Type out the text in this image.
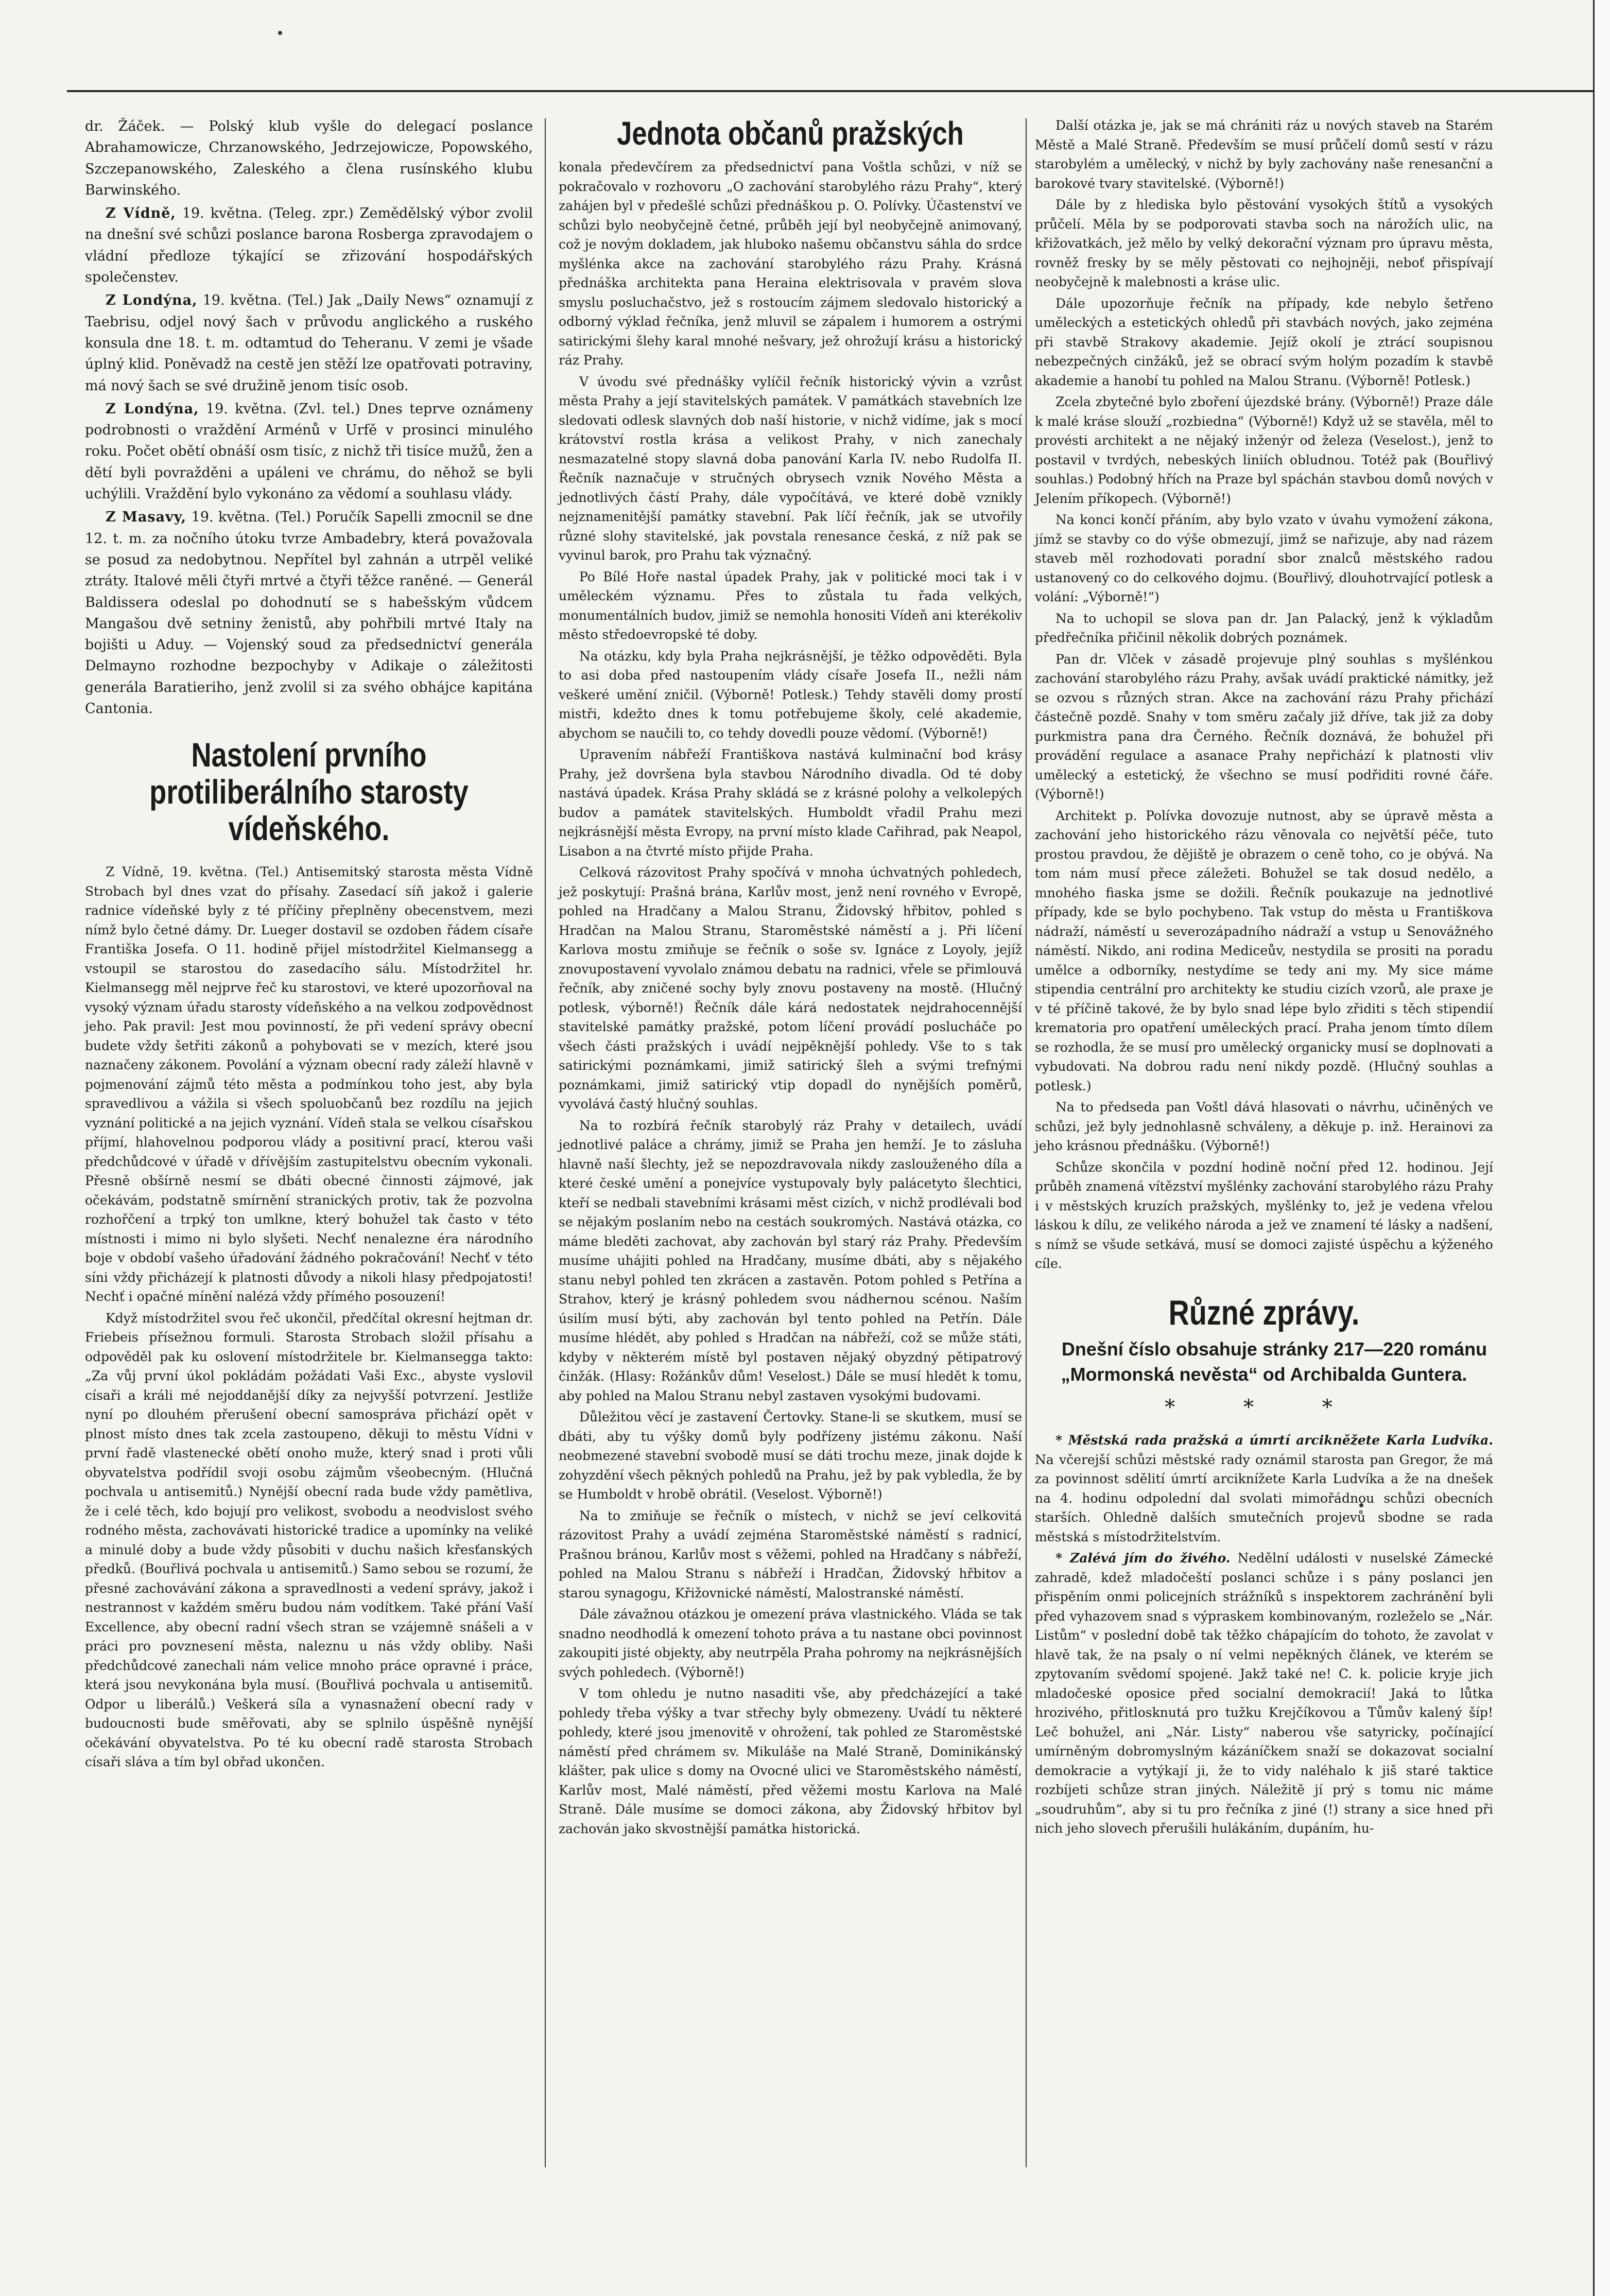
dr. Žáček. — Polský klub vyšle do delegací poslance Abrahamowicze, Chrzanowského, Jedrzejowicze, Popowského, Szczepanowského, Zaleského a člena rusínského klubu Barwinského.

Z Vídně, 19. května. (Teleg. zpr.) Zemědělský výbor zvolil na dnešní své schůzi poslance barona Rosberga zpravodajem o vládní předloze týkající se zřizování hospodářských společenstev.

Z Londýna, 19. května. (Tel.) Jak „Daily News“ oznamují z Taebrisu, odjel nový šach v průvodu anglického a ruského konsula dne 18. t. m. odtamtud do Teheranu. V zemi je všade úplný klid. Poněvadž na cestě jen stěží lze opatřovati potraviny, má nový šach se své družině jenom tisíc osob.

Z Londýna, 19. května. (Zvl. tel.) Dnes teprve oznámeny podrobnosti o vraždění Arménů v Urfě v prosinci minulého roku. Počet obětí obnáší osm tisíc, z nichž tři tisíce mužů, žen a dětí byli povražděni a upáleni ve chrámu, do něhož se byli uchýlili. Vraždění bylo vykonáno za vědomí a souhlasu vlády.

Z Masavy, 19. května. (Tel.) Poručík Sapelli zmocnil se dne 12. t. m. za nočního útoku tvrze Ambadebry, která považovala se posud za nedobytnou. Nepřítel byl zahnán a utrpěl veliké ztráty. Italové měli čtyři mrtvé a čtyři těžce raněné. — Generál Baldissera odeslal po dohodnutí se s habešským vůdcem Mangašou dvě setniny ženistů, aby pohřbili mrtvé Italy na bojišti u Aduy. — Vojenský soud za předsednictví generála Delmayno rozhodne bezpochyby v Adikaje o záležitosti generála Baratieriho, jenž zvolil si za svého obhájce kapitána Cantonia.

Nastolení prvního protiliberálního starosty vídeňského.

Z Vídně, 19. května. (Tel.) Antisemitský starosta města Vídně Strobach byl dnes vzat do přísahy. Zasedací síň jakož i galerie radnice vídeňské byly z té příčiny přeplněny obecenstvem, mezi nímž bylo četné dámy. Dr. Lueger dostavil se ozdoben řádem císaře Františka Josefa. O 11. hodině přijel místodržitel Kielmansegg a vstoupil se starostou do zasedacího sálu. Místodržitel hr. Kielmansegg měl nejprve řeč ku starostovi, ve které upozorňoval na vysoký význam úřadu starosty vídeňského a na velkou zodpovědnost jeho. Pak pravil: Jest mou povinností, že při vedení správy obecní budete vždy šetřiti zákonů a pohybovati se v mezích, které jsou naznačeny zákonem. Povolání a význam obecní rady záleží hlavně v pojmenování zájmů této města a podmínkou toho jest, aby byla spravedlivou a vážila si všech spoluobčanů bez rozdílu na jejich vyznání politické a na jejich vyznání. Vídeň stala se velkou císařskou příjmí, hlahovelnou podporou vlády a positivní prací, kterou vaši předchůdcové v úřadě v dřívějším zastupitelstvu obecním vykonali. Přesně obšírně nesmí se dbáti obecné činnosti zájmové, jak očekávám, podstatně smírnění stranických protiv, tak že pozvolna rozhořčení a trpký ton umlkne, který bohužel tak často v této místnosti i mimo ni bylo slyšeti. Nechť nenalezne éra národního boje v období vašeho úřadování žádného pokračování! Nechť v této síni vždy přicházejí k platnosti důvody a nikoli hlasy předpojatosti! Nechť i opačné mínění nalézá vždy přímého posouzení!

Když místodržitel svou řeč ukončil, předčítal okresní hejtman dr. Friebeis přísežnou formuli. Starosta Strobach složil přísahu a odpověděl pak ku oslovení místodržitele br. Kielmansegga takto: „Za vůj první úkol pokládám požádati Vaši Exc., abyste vyslovil císaři a králi mé nejoddanější díky za nejvyšší potvrzení. Jestliže nyní po dlouhém přerušení obecní samospráva přichází opět v plnost místo dnes tak zcela zastoupeno, děkuji to městu Vídni v první řadě vlastenecké obětí onoho muže, který snad i proti vůli obyvatelstva podřídil svoji osobu zájmům všeobecným. (Hlučná pochvala u antisemitů.) Nynější obecní rada bude vždy pamětliva, že i celé těch, kdo bojují pro velikost, svobodu a neodvislost svého rodného města, zachovávati historické tradice a upomínky na veliké a minulé doby a bude vždy působiti v duchu našich křesťanských předků. (Bouřlivá pochvala u antisemitů.) Samo sebou se rozumí, že přesné zachovávání zákona a spravedlnosti a vedení správy, jakož i nestrannost v každém směru budou nám vodítkem. Také přání Vaší Excellence, aby obecní radní všech stran se vzájemně snášeli a v práci pro povznesení města, naleznu u nás vždy obliby. Naši předchůdcové zanechali nám velice mnoho práce opravné i práce, která jsou nevykonána byla musí. (Bouřlivá pochvala u antisemitů. Odpor u liberálů.) Veškerá síla a vynasnažení obecní rady v budoucnosti bude směřovati, aby se splnilo úspěšně nynější očekávání obyvatelstva. Po té ku obecní radě starosta Strobach císaři sláva a tím byl obřad ukončen.

Jednota občanů pražských

konala předevčírem za předsednictví pana Voštla schůzi, v níž se pokračovalo v rozhovoru „O zachování starobylého rázu Prahy“, který zahájen byl v předešlé schůzi přednáškou p. O. Polívky. Účastenství ve schůzi bylo neobyčejně četné, průběh její byl neobyčejně animovaný, což je novým dokladem, jak hluboko našemu občanstvu sáhla do srdce myšlénka akce na zachování starobylého rázu Prahy. Krásná přednáška architekta pana Heraina elektrisovala v pravém slova smyslu posluchačstvo, jež s rostoucím zájmem sledovalo historický a odborný výklad řečníka, jenž mluvil se zápalem i humorem a ostrými satirickými šlehy karal mnohé nešvary, jež ohrožují krásu a historický ráz Prahy.

V úvodu své přednášky vylíčil řečník historický vývin a vzrůst města Prahy a její stavitelských památek. V památkách stavebních lze sledovati odlesk slavných dob naší historie, v nichž vidíme, jak s mocí krátovství rostla krása a velikost Prahy, v nich zanechaly nesmazatelné stopy slavná doba panování Karla IV. nebo Rudolfa II. Řečník naznačuje v stručných obrysech vznik Nového Města a jednotlivých částí Prahy, dále vypočítává, ve které době vznikly nejznamenitější památky stavební. Pak líčí řečník, jak se utvořily různé slohy stavitelské, jak povstala renesance česká, z níž pak se vyvinul barok, pro Prahu tak význačný.

Po Bílé Hoře nastal úpadek Prahy, jak v politické moci tak i v uměleckém významu. Přes to zůstala tu řada velkých, monumentálních budov, jimiž se nemohla honositi Vídeň ani kterékoliv město středoevropské té doby.

Na otázku, kdy byla Praha nejkrásnější, je těžko odpověděti. Byla to asi doba před nastoupením vlády císaře Josefa II., nežli nám veškeré umění zničil. (Výborně! Potlesk.) Tehdy stavěli domy prostí mistři, kdežto dnes k tomu potřebujeme školy, celé akademie, abychom se naučili to, co tehdy dovedli pouze vědomí. (Výborně!)

Upravením nábřeží Františkova nastává kulminační bod krásy Prahy, jež dovršena byla stavbou Národního divadla. Od té doby nastává úpadek. Krása Prahy skládá se z krásné polohy a velkolepých budov a památek stavitelských. Humboldt vřadil Prahu mezi nejkrásnější města Evropy, na první místo klade Cařihrad, pak Neapol, Lisabon a na čtvrté místo přijde Praha.

Celková rázovitost Prahy spočívá v mnoha úchvatných pohledech, jež poskytují: Prašná brána, Karlův most, jenž není rovného v Evropě, pohled na Hradčany a Malou Stranu, Židovský hřbitov, pohled s Hradčan na Malou Stranu, Staroměstské náměstí a j. Při líčení Karlova mostu zmiňuje se řečník o soše sv. Ignáce z Loyoly, jejíž znovupostavení vyvolalo známou debatu na radnici, vřele se přimlouvá řečník, aby zničené sochy byly znovu postaveny na mostě. (Hlučný potlesk, výborně!) Řečník dále kárá nedostatek nejdrahocennější stavitelské památky pražské, potom líčení provádí poslucháče po všech části pražských i uvádí nejpěknější pohledy. Vše to s tak satirickými poznámkami, jimiž satirický šleh a svými trefnými poznámkami, jimiž satirický vtip dopadl do nynějších poměrů, vyvolává častý hlučný souhlas.

Na to rozbírá řečník starobylý ráz Prahy v detailech, uvádí jednotlivé paláce a chrámy, jimiž se Praha jen hemží. Je to zásluha hlavně naší šlechty, jež se nepozdravovala nikdy zaslouženého díla a které české umění a ponejvíce vystupovaly byly palácetyto šlechtici, kteří se nedbali stavebními krásami měst cizích, v nichž prodlévali bod se nějakým poslaním nebo na cestách soukromých. Nastává otázka, co máme bleděti zachovat, aby zachován byl starý ráz Prahy. Především musíme uhájiti pohled na Hradčany, musíme dbáti, aby s nějakého stanu nebyl pohled ten zkrácen a zastavěn. Potom pohled s Petřína a Strahov, který je krásný pohledem svou nádhernou scénou. Naším úsilím musí býti, aby zachován byl tento pohled na Petřín. Dále musíme hlédět, aby pohled s Hradčan na nábřeží, což se může státi, kdyby v některém místě byl postaven nějaký obyzdný pětipatrový činžák. (Hlasy: Rožánkův dům! Veselost.) Dále se musí hledět k tomu, aby pohled na Malou Stranu nebyl zastaven vysokými budovami.

Důležitou věcí je zastavení Čertovky. Stane-li se skutkem, musí se dbáti, aby tu výšky domů byly podřízeny jistému zákonu. Naší neobmezené stavební svobodě musí se dáti trochu meze, jinak dojde k zohyzdění všech pěkných pohledů na Prahu, jež by pak vybledla, že by se Humboldt v hrobě obrátil. (Veselost. Výborně!)

Na to zmiňuje se řečník o místech, v nichž se jeví celkovitá rázovitost Prahy a uvádí zejména Staroměstské náměstí s radnicí, Prašnou bránou, Karlův most s věžemi, pohled na Hradčany s nábřeží, pohled na Malou Stranu s nábřeží i Hradčan, Židovský hřbitov a starou synagogu, Křižovnické náměstí, Malostranské náměstí.

Dále závažnou otázkou je omezení práva vlastnického. Vláda se tak snadno neodhodlá k omezení tohoto práva a tu nastane obci povinnost zakoupiti jisté objekty, aby neutrpěla Praha pohromy na nejkrásnějších svých pohledech. (Výborně!)

V tom ohledu je nutno nasaditi vše, aby předcházející a také pohledy třeba výšky a tvar střechy byly obmezeny. Uvádí tu některé pohledy, které jsou jmenovitě v ohrožení, tak pohled ze Staroměstské náměstí před chrámem sv. Mikuláše na Malé Straně, Dominikánský klášter, pak ulice s domy na Ovocné ulici ve Staroměstského náměstí, Karlův most, Malé náměstí, před věžemi mostu Karlova na Malé Straně. Dále musíme se domoci zákona, aby Židovský hřbitov byl zachován jako skvostnější památka historická.

Další otázka je, jak se má chrániti ráz u nových staveb na Starém Městě a Malé Straně. Především se musí průčelí domů sestí v rázu starobylém a umělecký, v nichž by byly zachovány naše renesanční a barokové tvary stavitelské. (Výborně!)

Dále by z hlediska bylo pěstování vysokých štítů a vysokých průčelí. Měla by se podporovati stavba soch na nárožích ulic, na křižovatkách, jež mělo by velký dekorační význam pro úpravu města, rovněž fresky by se měly pěstovati co nejhojněji, neboť přispívají neobyčejně k malebnosti a kráse ulic.

Dále upozorňuje řečník na případy, kde nebylo šetřeno uměleckých a estetických ohledů při stavbách nových, jako zejména při stavbě Strakovy akademie. Jejíž okolí je ztrácí soupisnou nebezpečných cinžáků, jež se obrací svým holým pozadím k stavbě akademie a hanobí tu pohled na Malou Stranu. (Výborně! Potlesk.)

Zcela zbytečné bylo zboření újezdské brány. (Výborně!) Praze dále k malé kráse slouží „rozbiedna“ (Výborně!) Když už se stavěla, měl to provésti architekt a ne nějaký inženýr od železa (Veselost.), jenž to postavil v tvrdých, nebeských liniích obludnou. Totéž pak (Bouřlivý souhlas.) Podobný hřích na Praze byl spáchán stavbou domů nových v Jelením příkopech. (Výborně!)

Na konci končí přáním, aby bylo vzato v úvahu vymožení zákona, jímž se stavby co do výše obmezují, jimž se nařizuje, aby nad rázem staveb měl rozhodovati poradní sbor znalců městského radou ustanovený co do celkového dojmu. (Bouřlivý, dlouhotrvající potlesk a volání: „Výborně!“)

Na to uchopil se slova pan dr. Jan Palacký, jenž k výkladům předřečníka přičinil několik dobrých poznámek.

Pan dr. Vlček v zásadě projevuje plný souhlas s myšlénkou zachování starobylého rázu Prahy, avšak uvádí praktické námitky, jež se ozvou s různých stran. Akce na zachování rázu Prahy přichází částečně pozdě. Snahy v tom směru začaly již dříve, tak již za doby purkmistra pana dra Černého. Řečník doznává, že bohužel při provádění regulace a asanace Prahy nepřichází k platnosti vliv umělecký a estetický, že všechno se musí podřiditi rovné čáře. (Výborně!)

Architekt p. Polívka dovozuje nutnost, aby se úpravě města a zachování jeho historického rázu věnovala co největší péče, tuto prostou pravdou, že dějiště je obrazem o ceně toho, co je obývá. Na tom nám musí přece záležeti. Bohužel se tak dosud nedělo, a mnohého fiaska jsme se dožili. Řečník poukazuje na jednotlivé případy, kde se bylo pochybeno. Tak vstup do města u Františkova nádraží, náměstí u severozápadního nádraží a vstup u Senovážného náměstí. Nikdo, ani rodina Mediceův, nestydila se prositi na poradu umělce a odborníky, nestydíme se tedy ani my. My sice máme stipendia centrální pro architekty ke studiu cizích vzorů, ale praxe je v té příčině takové, že by bylo snad lépe bylo zřiditi s těch stipendií krematoria pro opatření uměleckých prací. Praha jenom tímto dílem se rozhodla, že se musí pro umělecký organicky musí se doplnovati a vybudovati. Na dobrou radu není nikdy pozdě. (Hlučný souhlas a potlesk.)

Na to předseda pan Voštl dává hlasovati o návrhu, učiněných ve schůzi, jež byly jednohlasně schváleny, a děkuje p. inž. Herainovi za jeho krásnou přednášku. (Výborně!)

Schůze skončila v pozdní hodině noční před 12. hodinou. Její průběh znamená vítězství myšlénky zachování starobylého rázu Prahy i v městských kruzích pražských, myšlénky to, jež je vedena vřelou láskou k dílu, ze velikého národa a jež ve znamení té lásky a nadšení, s nímž se všude setkává, musí se domoci zajisté úspěchu a kýženého cíle.

Různé zprávy.

Dnešní číslo obsahuje stránky 217—220 románu „Mormonská nevěsta“ od Archibalda Guntera.

* * *

* Městská rada pražská a úmrtí arcikněžete Karla Ludvíka. Na včerejší schůzi městské rady oznámil starosta pan Gregor, že má za povinnost sdělití úmrtí arciknížete Karla Ludvíka a že na dnešek na 4. hodinu odpolední dal svolati mimořádnou schůzi obecních starších. Ohledně dalších smutečních projevů sbodne se rada městská s místodržitelstvím.

* Zalévá jím do živého. Nedělní události v nuselské Zámecké zahradě, kdež mladočeští poslanci schůze i s pány poslanci jen přispěním onmi policejních strážníků s inspektorem zachránění byli před vyhazovem snad s výpraskem kombinovaným, rozleželo se „Nár. Listům“ v poslední době tak těžko chápajícím do tohoto, že zavolat v hlavě tak, že na psaly o ní velmi nepěkných článek, ve kterém se zpytovaním svědomí spojené. Jakž také ne! C. k. policie kryje jich mladočeské oposice před socialní demokracií! Jaká to lůtka hrozivého, přitlosknutá pro tužku Krejčíkovou a Tůmův kalený šíp! Leč bohužel, ani „Nár. Listy“ naberou vše satyricky, počínající umírněným dobromyslným kázáníčkem snaží se dokazovat socialní demokracie a vytýkají ji, že to vidy naléhalo k jiš staré taktice rozbíjeti schůze stran jiných. Náležitě jí prý s tomu nic máme „soudruhům“, aby si tu pro řečníka z jiné (!) strany a sice hned při nich jeho slovech přerušili hulákáním, dupáním, hu-
